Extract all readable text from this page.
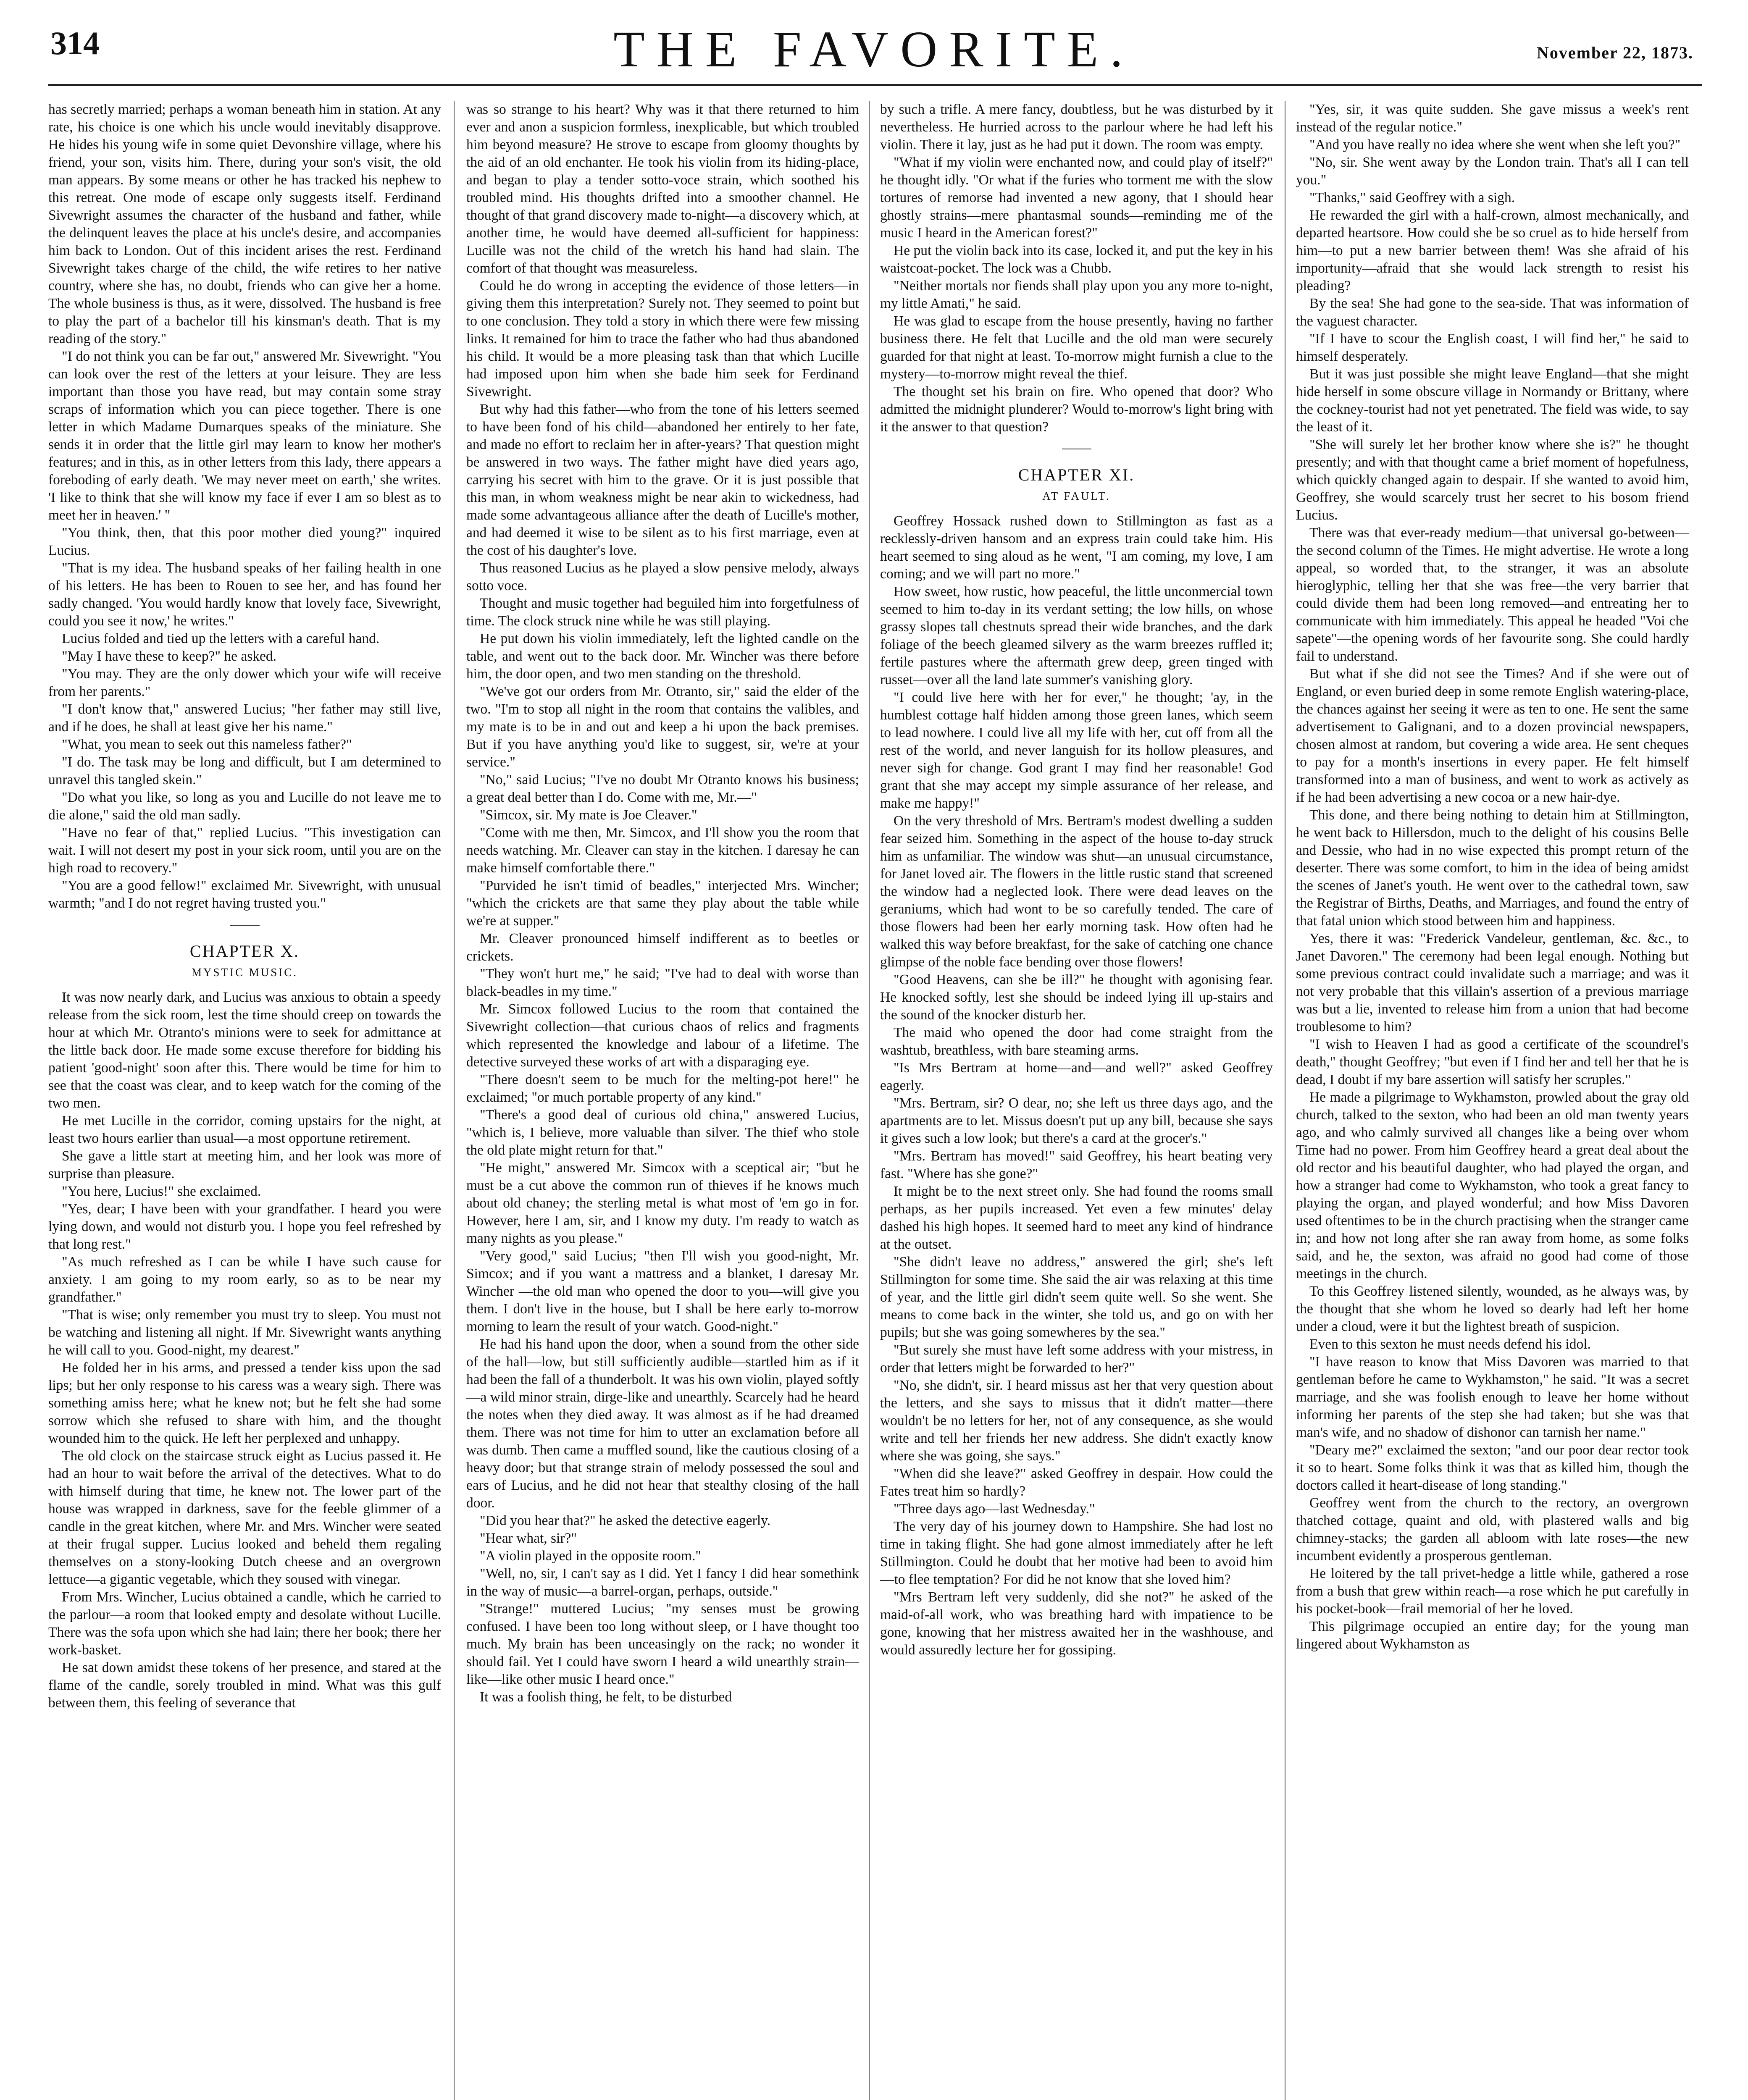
314	THE FAVORITE.	November 22, 1873.

has secretly married; perhaps a woman beneath him in station. At any rate, his choice is one which his uncle would inevitably disapprove. He hides his young wife in some quiet Devonshire village, where his friend, your son, visits him. There, during your son's visit, the old man appears. By some means or other he has tracked his nephew to this retreat. One mode of escape only suggests itself. Ferdinand Sivewright assumes the character of the husband and father, while the delinquent leaves the place at his uncle's desire, and accompanies him back to London. Out of this incident arises the rest. Ferdinand Sivewright takes charge of the child, the wife retires to her native country, where she has, no doubt, friends who can give her a home. The whole business is thus, as it were, dissolved. The husband is free to play the part of a bachelor till his kinsman's death. That is my reading of the story."

"I do not think you can be far out," answered Mr. Sivewright. "You can look over the rest of the letters at your leisure. They are less important than those you have read, but may contain some stray scraps of information which you can piece together. There is one letter in which Madame Dumarques speaks of the miniature. She sends it in order that the little girl may learn to know her mother's features; and in this, as in other letters from this lady, there appears a foreboding of early death. 'We may never meet on earth,' she writes. 'I like to think that she will know my face if ever I am so blest as to meet her in heaven.' "

"You think, then, that this poor mother died young?" inquired Lucius.

"That is my idea. The husband speaks of her failing health in one of his letters. He has been to Rouen to see her, and has found her sadly changed. 'You would hardly know that lovely face, Sivewright, could you see it now,' he writes."

Lucius folded and tied up the letters with a careful hand.

"May I have these to keep?" he asked.

"You may. They are the only dower which your wife will receive from her parents."

"I don't know that," answered Lucius; "her father may still live, and if he does, he shall at least give her his name."

"What, you mean to seek out this nameless father?"

"I do. The task may be long and difficult, but I am determined to unravel this tangled skein."

"Do what you like, so long as you and Lucille do not leave me to die alone," said the old man sadly.

"Have no fear of that," replied Lucius. "This investigation can wait. I will not desert my post in your sick room, until you are on the high road to recovery."

"You are a good fellow!" exclaimed Mr. Sivewright, with unusual warmth; "and I do not regret having trusted you."

CHAPTER X.
MYSTIC MUSIC.

It was now nearly dark, and Lucius was anxious to obtain a speedy release from the sick room, lest the time should creep on towards the hour at which Mr. Otranto's minions were to seek for admittance at the little back door. He made some excuse therefore for bidding his patient 'good-night' soon after this. There would be time for him to see that the coast was clear, and to keep watch for the coming of the two men.

He met Lucille in the corridor, coming upstairs for the night, at least two hours earlier than usual—a most opportune retirement.

She gave a little start at meeting him, and her look was more of surprise than pleasure.

"You here, Lucius!" she exclaimed.

"Yes, dear; I have been with your grandfather. I heard you were lying down, and would not disturb you. I hope you feel refreshed by that long rest."

"As much refreshed as I can be while I have such cause for anxiety. I am going to my room early, so as to be near my grandfather."

"That is wise; only remember you must try to sleep. You must not be watching and listening all night. If Mr. Sivewright wants anything he will call to you. Good-night, my dearest."

He folded her in his arms, and pressed a tender kiss upon the sad lips; but her only response to his caress was a weary sigh. There was something amiss here; what he knew not; but he felt she had some sorrow which she refused to share with him, and the thought wounded him to the quick. He left her perplexed and unhappy.

The old clock on the staircase struck eight as Lucius passed it. He had an hour to wait before the arrival of the detectives. What to do with himself during that time, he knew not. The lower part of the house was wrapped in darkness, save for the feeble glimmer of a candle in the great kitchen, where Mr. and Mrs. Wincher were seated at their frugal supper. Lucius looked and beheld them regaling themselves on a stony-looking Dutch cheese and an overgrown lettuce—a gigantic vegetable, which they soused with vinegar.

From Mrs. Wincher, Lucius obtained a candle, which he carried to the parlour—a room that looked empty and desolate without Lucille. There was the sofa upon which she had lain; there her book; there her work-basket.

He sat down amidst these tokens of her presence, and stared at the flame of the candle, sorely troubled in mind. What was this gulf between them, this feeling of severance that

was so strange to his heart? Why was it that there returned to him ever and anon a suspicion formless, inexplicable, but which troubled him beyond measure? He strove to escape from gloomy thoughts by the aid of an old enchanter. He took his violin from its hiding-place, and began to play a tender sotto-voce strain, which soothed his troubled mind. His thoughts drifted into a smoother channel. He thought of that grand discovery made to-night—a discovery which, at another time, he would have deemed all-sufficient for happiness: Lucille was not the child of the wretch his hand had slain. The comfort of that thought was measureless.

Could he do wrong in accepting the evidence of those letters—in giving them this interpretation? Surely not. They seemed to point but to one conclusion. They told a story in which there were few missing links. It remained for him to trace the father who had thus abandoned his child. It would be a more pleasing task than that which Lucille had imposed upon him when she bade him seek for Ferdinand Sivewright.

But why had this father—who from the tone of his letters seemed to have been fond of his child—abandoned her entirely to her fate, and made no effort to reclaim her in after-years? That question might be answered in two ways. The father might have died years ago, carrying his secret with him to the grave. Or it is just possible that this man, in whom weakness might be near akin to wickedness, had made some advantageous alliance after the death of Lucille's mother, and had deemed it wise to be silent as to his first marriage, even at the cost of his daughter's love.

Thus reasoned Lucius as he played a slow pensive melody, always sotto voce.

Thought and music together had beguiled him into forgetfulness of time. The clock struck nine while he was still playing.

He put down his violin immediately, left the lighted candle on the table, and went out to the back door. Mr. Wincher was there before him, the door open, and two men standing on the threshold.

"We've got our orders from Mr. Otranto, sir," said the elder of the two. "I'm to stop all night in the room that contains the valibles, and my mate is to be in and out and keep a hi upon the back premises. But if you have anything you'd like to suggest, sir, we're at your service."

"No," said Lucius; "I've no doubt Mr Otranto knows his business; a great deal better than I do. Come with me, Mr.—"

"Simcox, sir. My mate is Joe Cleaver."

"Come with me then, Mr. Simcox, and I'll show you the room that needs watching. Mr. Cleaver can stay in the kitchen. I daresay he can make himself comfortable there."

"Purvided he isn't timid of beadles," interjected Mrs. Wincher; "which the crickets are that same they play about the table while we're at supper."

Mr. Cleaver pronounced himself indifferent as to beetles or crickets.

"They won't hurt me," he said; "I've had to deal with worse than black-beadles in my time."

Mr. Simcox followed Lucius to the room that contained the Sivewright collection—that curious chaos of relics and fragments which represented the knowledge and labour of a lifetime. The detective surveyed these works of art with a disparaging eye.

"There doesn't seem to be much for the melting-pot here!" he exclaimed; "or much portable property of any kind."

"There's a good deal of curious old china," answered Lucius, "which is, I believe, more valuable than silver. The thief who stole the old plate might return for that."

"He might," answered Mr. Simcox with a sceptical air; "but he must be a cut above the common run of thieves if he knows much about old chaney; the sterling metal is what most of 'em go in for. However, here I am, sir, and I know my duty. I'm ready to watch as many nights as you please."

"Very good," said Lucius; "then I'll wish you good-night, Mr. Simcox; and if you want a mattress and a blanket, I daresay Mr. Wincher —the old man who opened the door to you—will give you them. I don't live in the house, but I shall be here early to-morrow morning to learn the result of your watch. Good-night."

He had his hand upon the door, when a sound from the other side of the hall—low, but still sufficiently audible—startled him as if it had been the fall of a thunderbolt. It was his own violin, played softly—a wild minor strain, dirge-like and unearthly. Scarcely had he heard the notes when they died away. It was almost as if he had dreamed them. There was not time for him to utter an exclamation before all was dumb. Then came a muffled sound, like the cautious closing of a heavy door; but that strange strain of melody possessed the soul and ears of Lucius, and he did not hear that stealthy closing of the hall door.

"Did you hear that?" he asked the detective eagerly.

"Hear what, sir?"

"A violin played in the opposite room."

"Well, no, sir, I can't say as I did. Yet I fancy I did hear somethink in the way of music—a barrel-organ, perhaps, outside."

"Strange!" muttered Lucius; "my senses must be growing confused. I have been too long without sleep, or I have thought too much. My brain has been unceasingly on the rack; no wonder it should fail. Yet I could have sworn I heard a wild unearthly strain—like—like other music I heard once."

It was a foolish thing, he felt, to be disturbed

by such a trifle. A mere fancy, doubtless, but he was disturbed by it nevertheless. He hurried across to the parlour where he had left his violin. There it lay, just as he had put it down. The room was empty.

"What if my violin were enchanted now, and could play of itself?" he thought idly. "Or what if the furies who torment me with the slow tortures of remorse had invented a new agony, that I should hear ghostly strains—mere phantasmal sounds—reminding me of the music I heard in the American forest?"

He put the violin back into its case, locked it, and put the key in his waistcoat-pocket. The lock was a Chubb.

"Neither mortals nor fiends shall play upon you any more to-night, my little Amati," he said.

He was glad to escape from the house presently, having no farther business there. He felt that Lucille and the old man were securely guarded for that night at least. To-morrow might furnish a clue to the mystery—to-morrow might reveal the thief.

The thought set his brain on fire. Who opened that door? Who admitted the midnight plunderer? Would to-morrow's light bring with it the answer to that question?

CHAPTER XI.
AT FAULT.

Geoffrey Hossack rushed down to Stillmington as fast as a recklessly-driven hansom and an express train could take him. His heart seemed to sing aloud as he went, "I am coming, my love, I am coming; and we will part no more."

How sweet, how rustic, how peaceful, the little unconmercial town seemed to him to-day in its verdant setting; the low hills, on whose grassy slopes tall chestnuts spread their wide branches, and the dark foliage of the beech gleamed silvery as the warm breezes ruffled it; fertile pastures where the aftermath grew deep, green tinged with russet—over all the land late summer's vanishing glory.

"I could live here with her for ever," he thought; 'ay, in the humblest cottage half hidden among those green lanes, which seem to lead nowhere. I could live all my life with her, cut off from all the rest of the world, and never languish for its hollow pleasures, and never sigh for change. God grant I may find her reasonable! God grant that she may accept my simple assurance of her release, and make me happy!"

On the very threshold of Mrs. Bertram's modest dwelling a sudden fear seized him. Something in the aspect of the house to-day struck him as unfamiliar. The window was shut—an unusual circumstance, for Janet loved air. The flowers in the little rustic stand that screened the window had a neglected look. There were dead leaves on the geraniums, which had wont to be so carefully tended. The care of those flowers had been her early morning task. How often had he walked this way before breakfast, for the sake of catching one chance glimpse of the noble face bending over those flowers!

"Good Heavens, can she be ill?" he thought with agonising fear. He knocked softly, lest she should be indeed lying ill up-stairs and the sound of the knocker disturb her.

The maid who opened the door had come straight from the washtub, breathless, with bare steaming arms.

"Is Mrs Bertram at home—and—and well?" asked Geoffrey eagerly.

"Mrs. Bertram, sir? O dear, no; she left us three days ago, and the apartments are to let. Missus doesn't put up any bill, because she says it gives such a low look; but there's a card at the grocer's."

"Mrs. Bertram has moved!" said Geoffrey, his heart beating very fast. "Where has she gone?"

It might be to the next street only. She had found the rooms small perhaps, as her pupils increased. Yet even a few minutes' delay dashed his high hopes. It seemed hard to meet any kind of hindrance at the outset.

"She didn't leave no address," answered the girl; she's left Stillmington for some time. She said the air was relaxing at this time of year, and the little girl didn't seem quite well. So she went. She means to come back in the winter, she told us, and go on with her pupils; but she was going somewheres by the sea."

"But surely she must have left some address with your mistress, in order that letters might be forwarded to her?"

"No, she didn't, sir. I heard missus ast her that very question about the letters, and she says to missus that it didn't matter—there wouldn't be no letters for her, not of any consequence, as she would write and tell her friends her new address. She didn't exactly know where she was going, she says."

"When did she leave?" asked Geoffrey in despair. How could the Fates treat him so hardly?

"Three days ago—last Wednesday."

The very day of his journey down to Hampshire. She had lost no time in taking flight. She had gone almost immediately after he left Stillmington. Could he doubt that her motive had been to avoid him—to flee temptation? For did he not know that she loved him?

"Mrs Bertram left very suddenly, did she not?" he asked of the maid-of-all work, who was breathing hard with impatience to be gone, knowing that her mistress awaited her in the washhouse, and would assuredly lecture her for gossiping.

"Yes, sir, it was quite sudden. She gave missus a week's rent instead of the regular notice."

"And you have really no idea where she went when she left you?"

"No, sir. She went away by the London train. That's all I can tell you."

"Thanks," said Geoffrey with a sigh.

He rewarded the girl with a half-crown, almost mechanically, and departed heartsore. How could she be so cruel as to hide herself from him—to put a new barrier between them! Was she afraid of his importunity—afraid that she would lack strength to resist his pleading?

By the sea! She had gone to the sea-side. That was information of the vaguest character.

"If I have to scour the English coast, I will find her," he said to himself desperately.

But it was just possible she might leave England—that she might hide herself in some obscure village in Normandy or Brittany, where the cockney-tourist had not yet penetrated. The field was wide, to say the least of it.

"She will surely let her brother know where she is?" he thought presently; and with that thought came a brief moment of hopefulness, which quickly changed again to despair. If she wanted to avoid him, Geoffrey, she would scarcely trust her secret to his bosom friend Lucius.

There was that ever-ready medium—that universal go-between—the second column of the Times. He might advertise. He wrote a long appeal, so worded that, to the stranger, it was an absolute hieroglyphic, telling her that she was free—the very barrier that could divide them had been long removed—and entreating her to communicate with him immediately. This appeal he headed "Voi che sapete"—the opening words of her favourite song. She could hardly fail to understand.

But what if she did not see the Times? And if she were out of England, or even buried deep in some remote English watering-place, the chances against her seeing it were as ten to one. He sent the same advertisement to Galignani, and to a dozen provincial newspapers, chosen almost at random, but covering a wide area. He sent cheques to pay for a month's insertions in every paper. He felt himself transformed into a man of business, and went to work as actively as if he had been advertising a new cocoa or a new hair-dye.

This done, and there being nothing to detain him at Stillmington, he went back to Hillersdon, much to the delight of his cousins Belle and Dessie, who had in no wise expected this prompt return of the deserter. There was some comfort, to him in the idea of being amidst the scenes of Janet's youth. He went over to the cathedral town, saw the Registrar of Births, Deaths, and Marriages, and found the entry of that fatal union which stood between him and happiness.

Yes, there it was: "Frederick Vandeleur, gentleman, &c. &c., to Janet Davoren." The ceremony had been legal enough. Nothing but some previous contract could invalidate such a marriage; and was it not very probable that this villain's assertion of a previous marriage was but a lie, invented to release him from a union that had become troublesome to him?

"I wish to Heaven I had as good a certificate of the scoundrel's death," thought Geoffrey; "but even if I find her and tell her that he is dead, I doubt if my bare assertion will satisfy her scruples."

He made a pilgrimage to Wykhamston, prowled about the gray old church, talked to the sexton, who had been an old man twenty years ago, and who calmly survived all changes like a being over whom Time had no power. From him Geoffrey heard a great deal about the old rector and his beautiful daughter, who had played the organ, and how a stranger had come to Wykhamston, who took a great fancy to playing the organ, and played wonderful; and how Miss Davoren used oftentimes to be in the church practising when the stranger came in; and how not long after she ran away from home, as some folks said, and he, the sexton, was afraid no good had come of those meetings in the church.

To this Geoffrey listened silently, wounded, as he always was, by the thought that she whom he loved so dearly had left her home under a cloud, were it but the lightest breath of suspicion.

Even to this sexton he must needs defend his idol.

"I have reason to know that Miss Davoren was married to that gentleman before he came to Wykhamston," he said. "It was a secret marriage, and she was foolish enough to leave her home without informing her parents of the step she had taken; but she was that man's wife, and no shadow of dishonor can tarnish her name."

"Deary me?" exclaimed the sexton; "and our poor dear rector took it so to heart. Some folks think it was that as killed him, though the doctors called it heart-disease of long standing."

Geoffrey went from the church to the rectory, an overgrown thatched cottage, quaint and old, with plastered walls and big chimney-stacks; the garden all abloom with late roses—the new incumbent evidently a prosperous gentleman.

He loitered by the tall privet-hedge a little while, gathered a rose from a bush that grew within reach—a rose which he put carefully in his pocket-book—frail memorial of her he loved.

This pilgrimage occupied an entire day; for the young man lingered about Wykhamston as
